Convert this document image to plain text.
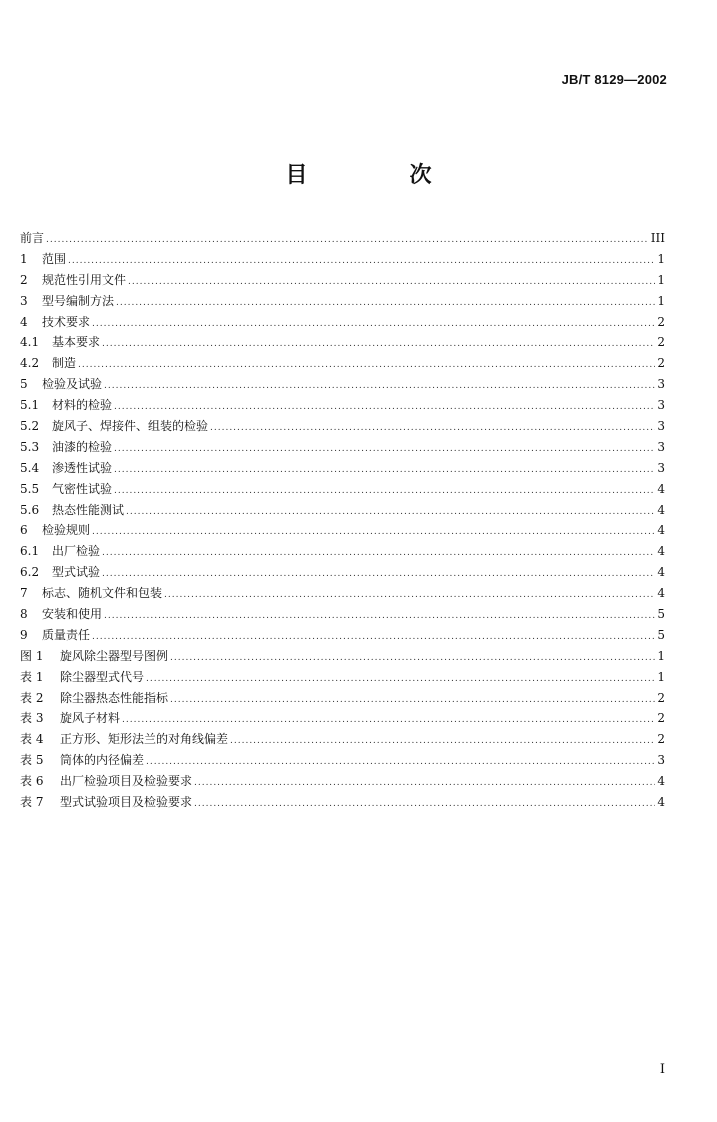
JB/T 8129—2002
目　次
前言 .....	III
1	范围 .....	1
2	规范性引用文件 .....	1
3	型号编制方法 .....	1
4	技术要求 .....	2
4.1	基本要求 .....	2
4.2	制造 .....	2
5	检验及试验 .....	3
5.1	材料的检验 .....	3
5.2	旋风子、焊接件、组装的检验 .....	3
5.3	油漆的检验 .....	3
5.4	渗透性试验 .....	3
5.5	气密性试验 .....	4
5.6	热态性能测试 .....	4
6	检验规则 .....	4
6.1	出厂检验 .....	4
6.2	型式试验 .....	4
7	标志、随机文件和包装 .....	4
8	安装和使用 .....	5
9	质量责任 .....	5
图 1	旋风除尘器型号图例 .....	1
表 1	除尘器型式代号 .....	1
表 2	除尘器热态性能指标 .....	2
表 3	旋风子材料 .....	2
表 4	正方形、矩形法兰的对角线偏差 .....	2
表 5	筒体的内径偏差 .....	3
表 6	出厂检验项目及检验要求 .....	4
表 7	型式试验项目及检验要求 .....	4
I
